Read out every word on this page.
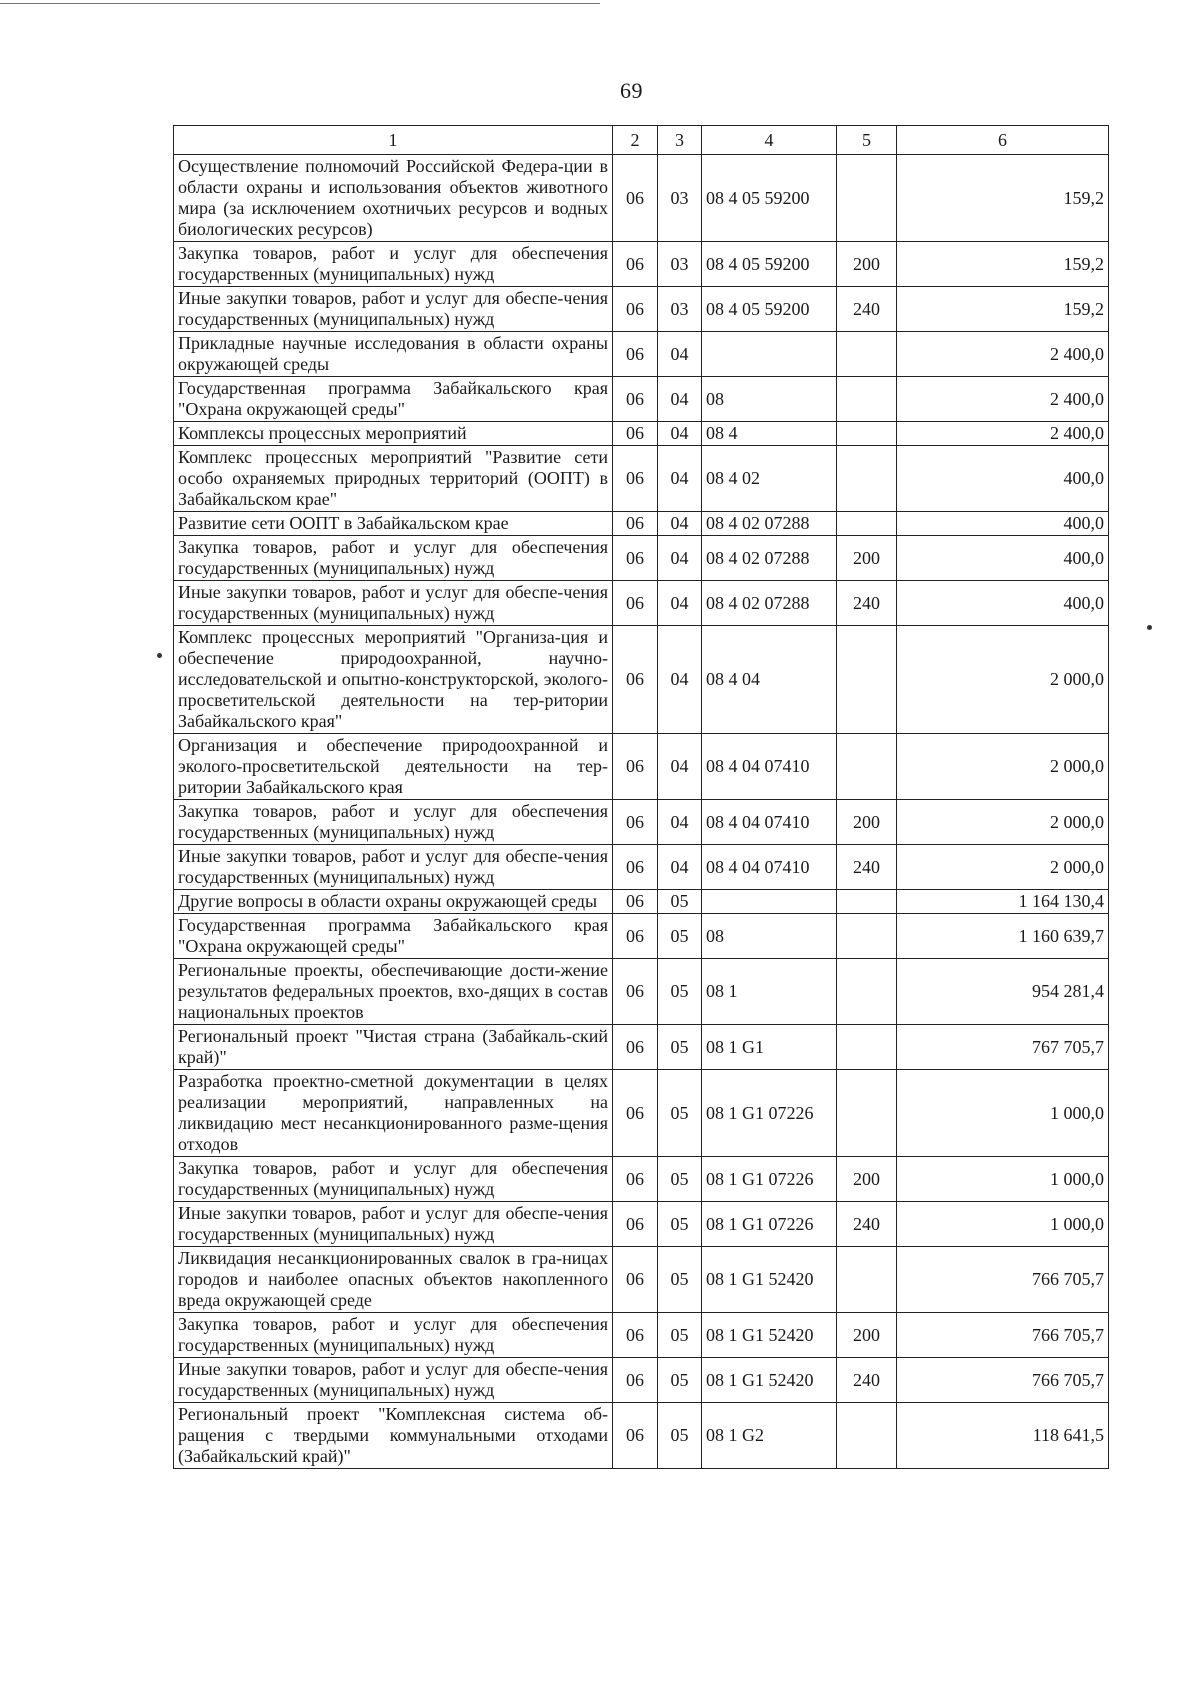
69
1	2	3	4	5	6
Осуществление полномочий Российской Федера-ции в области охраны и использования объектов животного мира (за исключением охотничьих ресурсов и водных биологических ресурсов)	06	03	08 4 05 59200		159,2
Закупка товаров, работ и услуг для обеспечения государственных (муниципальных) нужд	06	03	08 4 05 59200	200	159,2
Иные закупки товаров, работ и услуг для обеспе-чения государственных (муниципальных) нужд	06	03	08 4 05 59200	240	159,2
Прикладные научные исследования в области охраны окружающей среды	06	04			2 400,0
Государственная программа Забайкальского края "Охрана окружающей среды"	06	04	08		2 400,0
Комплексы процессных мероприятий	06	04	08 4		2 400,0
Комплекс процессных мероприятий "Развитие сети особо охраняемых природных территорий (ООПТ) в Забайкальском крае"	06	04	08 4 02		400,0
Развитие сети ООПТ в Забайкальском крае	06	04	08 4 02 07288		400,0
Закупка товаров, работ и услуг для обеспечения государственных (муниципальных) нужд	06	04	08 4 02 07288	200	400,0
Иные закупки товаров, работ и услуг для обеспе-чения государственных (муниципальных) нужд	06	04	08 4 02 07288	240	400,0
Комплекс процессных мероприятий "Организа-ция и обеспечение природоохранной, научно-исследовательской и опытно-конструкторской, эколого-просветительской деятельности на тер-ритории Забайкальского края"	06	04	08 4 04		2 000,0
Организация и обеспечение природоохранной и эколого-просветительской деятельности на тер-ритории Забайкальского края	06	04	08 4 04 07410		2 000,0
Закупка товаров, работ и услуг для обеспечения государственных (муниципальных) нужд	06	04	08 4 04 07410	200	2 000,0
Иные закупки товаров, работ и услуг для обеспе-чения государственных (муниципальных) нужд	06	04	08 4 04 07410	240	2 000,0
Другие вопросы в области охраны окружающей среды	06	05			1 164 130,4
Государственная программа Забайкальского края "Охрана окружающей среды"	06	05	08		1 160 639,7
Региональные проекты, обеспечивающие дости-жение результатов федеральных проектов, вхо-дящих в состав национальных проектов	06	05	08 1		954 281,4
Региональный проект "Чистая страна (Забайкаль-ский край)"	06	05	08 1 G1		767 705,7
Разработка проектно-сметной документации в целях реализации мероприятий, направленных на ликвидацию мест несанкционированного разме-щения отходов	06	05	08 1 G1 07226		1 000,0
Закупка товаров, работ и услуг для обеспечения государственных (муниципальных) нужд	06	05	08 1 G1 07226	200	1 000,0
Иные закупки товаров, работ и услуг для обеспе-чения государственных (муниципальных) нужд	06	05	08 1 G1 07226	240	1 000,0
Ликвидация несанкционированных свалок в гра-ницах городов и наиболее опасных объектов накопленного вреда окружающей среде	06	05	08 1 G1 52420		766 705,7
Закупка товаров, работ и услуг для обеспечения государственных (муниципальных) нужд	06	05	08 1 G1 52420	200	766 705,7
Иные закупки товаров, работ и услуг для обеспе-чения государственных (муниципальных) нужд	06	05	08 1 G1 52420	240	766 705,7
Региональный проект "Комплексная система об-ращения с твердыми коммунальными отходами (Забайкальский край)"	06	05	08 1 G2		118 641,5
